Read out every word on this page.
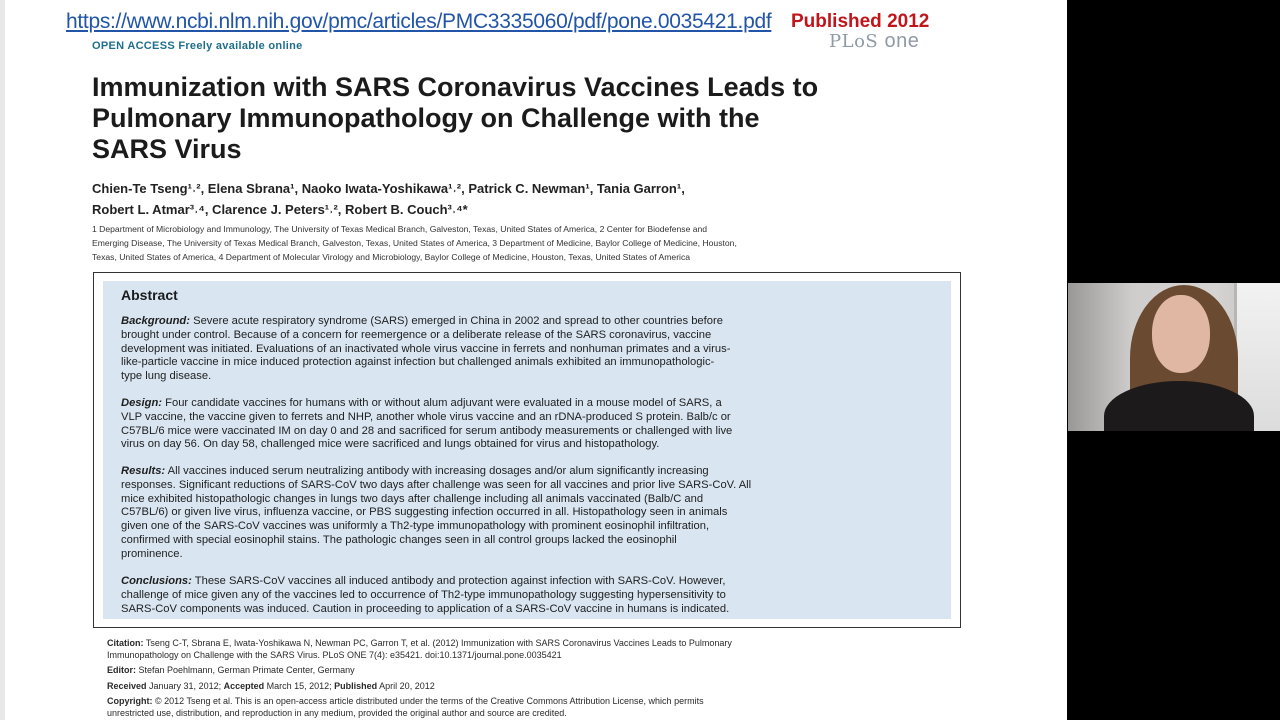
https://www.ncbi.nlm.nih.gov/pmc/articles/PMC3335060/pdf/pone.0035421.pdf Published 2012
PLoS one
OPEN ACCESS Freely available online
Immunization with SARS Coronavirus Vaccines Leads to
Pulmonary Immunopathology on Challenge with the
SARS Virus
Chien-Te Tseng¹˒², Elena Sbrana¹, Naoko Iwata-Yoshikawa¹˒², Patrick C. Newman¹, Tania Garron¹,
Robert L. Atmar³˒⁴, Clarence J. Peters¹˒², Robert B. Couch³˒⁴*
1 Department of Microbiology and Immunology, The University of Texas Medical Branch, Galveston, Texas, United States of America, 2 Center for Biodefense and
Emerging Disease, The University of Texas Medical Branch, Galveston, Texas, United States of America, 3 Department of Medicine, Baylor College of Medicine, Houston,
Texas, United States of America, 4 Department of Molecular Virology and Microbiology, Baylor College of Medicine, Houston, Texas, United States of America
Abstract
Background: Severe acute respiratory syndrome (SARS) emerged in China in 2002 and spread to other countries before
brought under control. Because of a concern for reemergence or a deliberate release of the SARS coronavirus, vaccine
development was initiated. Evaluations of an inactivated whole virus vaccine in ferrets and nonhuman primates and a virus-
like-particle vaccine in mice induced protection against infection but challenged animals exhibited an immunopathologic-
type lung disease.
Design: Four candidate vaccines for humans with or without alum adjuvant were evaluated in a mouse model of SARS, a
VLP vaccine, the vaccine given to ferrets and NHP, another whole virus vaccine and an rDNA-produced S protein. Balb/c or
C57BL/6 mice were vaccinated IM on day 0 and 28 and sacrificed for serum antibody measurements or challenged with live
virus on day 56. On day 58, challenged mice were sacrificed and lungs obtained for virus and histopathology.
Results: All vaccines induced serum neutralizing antibody with increasing dosages and/or alum significantly increasing
responses. Significant reductions of SARS-CoV two days after challenge was seen for all vaccines and prior live SARS-CoV. All
mice exhibited histopathologic changes in lungs two days after challenge including all animals vaccinated (Balb/C and
C57BL/6) or given live virus, influenza vaccine, or PBS suggesting infection occurred in all. Histopathology seen in animals
given one of the SARS-CoV vaccines was uniformly a Th2-type immunopathology with prominent eosinophil infiltration,
confirmed with special eosinophil stains. The pathologic changes seen in all control groups lacked the eosinophil
prominence.
Conclusions: These SARS-CoV vaccines all induced antibody and protection against infection with SARS-CoV. However,
challenge of mice given any of the vaccines led to occurrence of Th2-type immunopathology suggesting hypersensitivity to
SARS-CoV components was induced. Caution in proceeding to application of a SARS-CoV vaccine in humans is indicated.
Citation: Tseng C-T, Sbrana E, Iwata-Yoshikawa N, Newman PC, Garron T, et al. (2012) Immunization with SARS Coronavirus Vaccines Leads to Pulmonary
Immunopathology on Challenge with the SARS Virus. PLoS ONE 7(4): e35421. doi:10.1371/journal.pone.0035421
Editor: Stefan Poehlmann, German Primate Center, Germany
Received January 31, 2012; Accepted March 15, 2012; Published April 20, 2012
Copyright: © 2012 Tseng et al. This is an open-access article distributed under the terms of the Creative Commons Attribution License, which permits
unrestricted use, distribution, and reproduction in any medium, provided the original author and source are credited.
